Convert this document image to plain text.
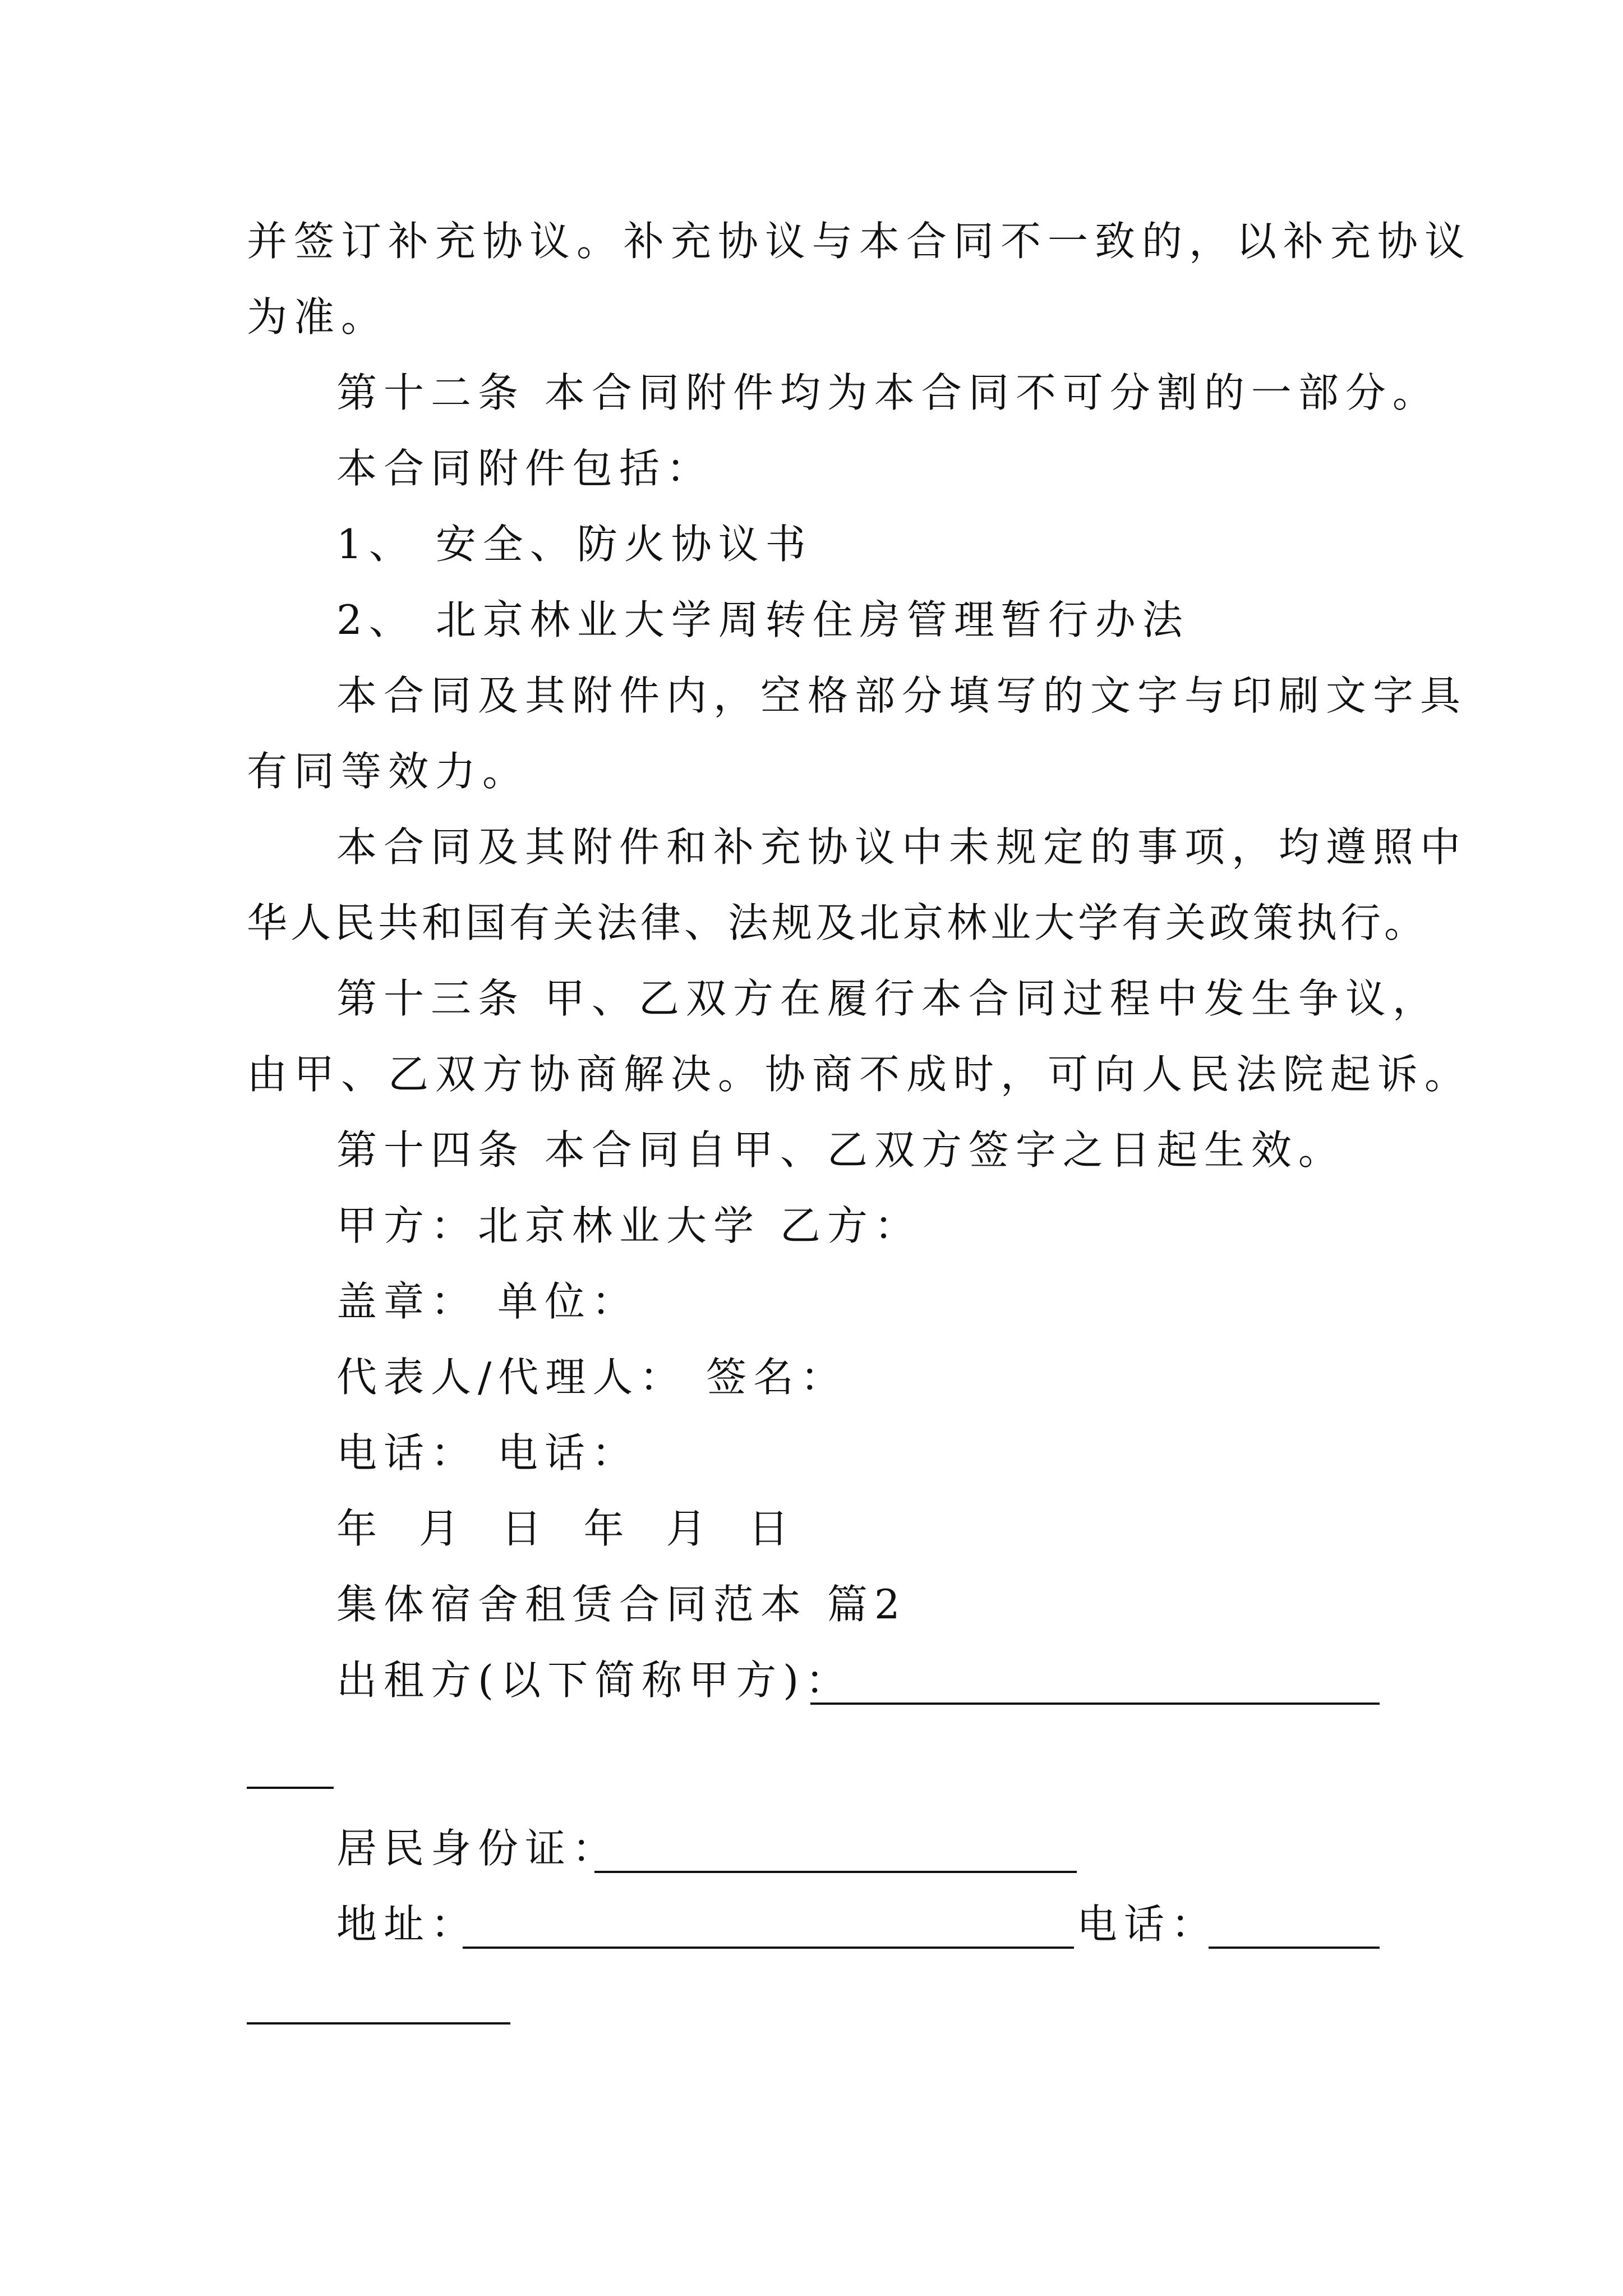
并签订补充协议。补充协议与本合同不一致的，以补充协议
为准。
第十二条 本合同附件均为本合同不可分割的一部分。
本合同附件包括：
1、 安全、防火协议书
2、 北京林业大学周转住房管理暂行办法
本合同及其附件内，空格部分填写的文字与印刷文字具
有同等效力。
本合同及其附件和补充协议中未规定的事项，均遵照中
华人民共和国有关法律、法规及北京林业大学有关政策执行。
第十三条 甲、乙双方在履行本合同过程中发生争议，
由甲、乙双方协商解决。协商不成时，可向人民法院起诉。
第十四条 本合同自甲、乙双方签字之日起生效。
甲方：北京林业大学 乙方：
盖章： 单位：
代表人/代理人： 签名：
电话： 电话：
年 月 日 年 月 日
集体宿舍租赁合同范本 篇2
出租方(以下简称甲方)：
居民身份证：
地址：	电话：
